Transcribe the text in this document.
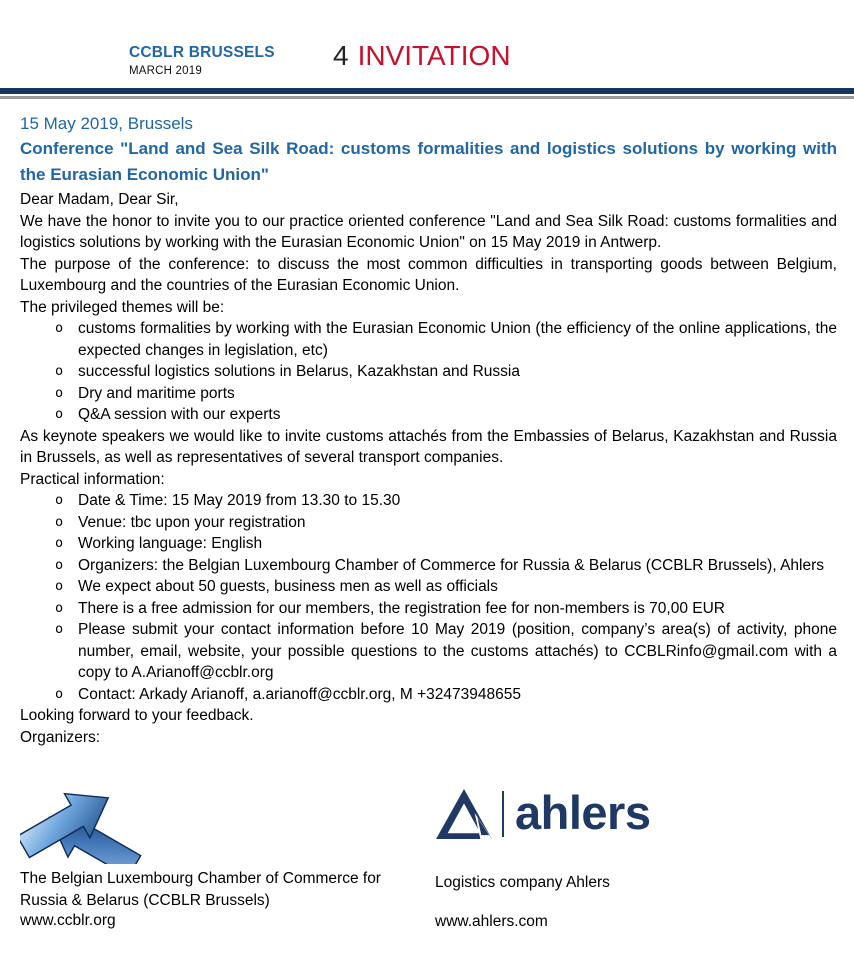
CCBLR BRUSSELS
MARCH 2019	4 INVITATION
15 May 2019, Brussels
Conference "Land and Sea Silk Road: customs formalities and logistics solutions by working with the Eurasian Economic Union"
Dear Madam, Dear Sir,
We have the honor to invite you to our practice oriented conference "Land and Sea Silk Road: customs formalities and logistics solutions by working with the Eurasian Economic Union" on 15 May 2019 in Antwerp.
The purpose of the conference: to discuss the most common difficulties in transporting goods between Belgium, Luxembourg and the countries of the Eurasian Economic Union.
The privileged themes will be:
o customs formalities by working with the Eurasian Economic Union (the efficiency of the online applications, the expected changes in legislation, etc)
o successful logistics solutions in Belarus, Kazakhstan and Russia
o Dry and maritime ports
o Q&A session with our experts
As keynote speakers we would like to invite customs attachés from the Embassies of Belarus, Kazakhstan and Russia in Brussels, as well as representatives of several transport companies.
Practical information:
o Date & Time: 15 May 2019 from 13.30 to 15.30
o Venue: tbc upon your registration
o Working language: English
o Organizers: the Belgian Luxembourg Chamber of Commerce for Russia & Belarus (CCBLR Brussels), Ahlers
o We expect about 50 guests, business men as well as officials
o There is a free admission for our members, the registration fee for non-members is 70,00 EUR
o Please submit your contact information before 10 May 2019 (position, company’s area(s) of activity, phone number, email, website, your possible questions to the customs attachés) to CCBLRinfo@gmail.com with a copy to A.Arianoff@ccblr.org
o Contact: Arkady Arianoff, a.arianoff@ccblr.org, M +32473948655
Looking forward to your feedback.
Organizers:
ahlers
The Belgian Luxembourg Chamber of Commerce for Russia & Belarus (CCBLR Brussels)
www.ccblr.org
Logistics company Ahlers
www.ahlers.com
